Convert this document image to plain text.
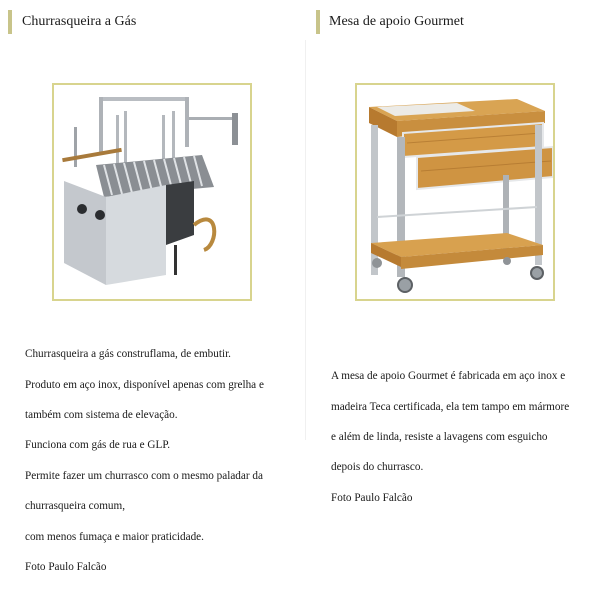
Churrasqueira a Gás

Churrasqueira a gás construflama, de embutir.

Produto em aço inox, disponível apenas com grelha e

também com sistema de elevação.

Funciona com gás de rua e GLP.

Permite fazer um churrasco com o mesmo paladar da

churrasqueira comum,

com menos fumaça e maior praticidade.

Foto Paulo Falcão

Mesa de apoio Gourmet

A mesa de apoio Gourmet é fabricada em aço inox e

madeira Teca certificada, ela tem tampo em mármore

e além de linda, resiste a lavagens com esguicho

depois do churrasco.

Foto Paulo Falcão
